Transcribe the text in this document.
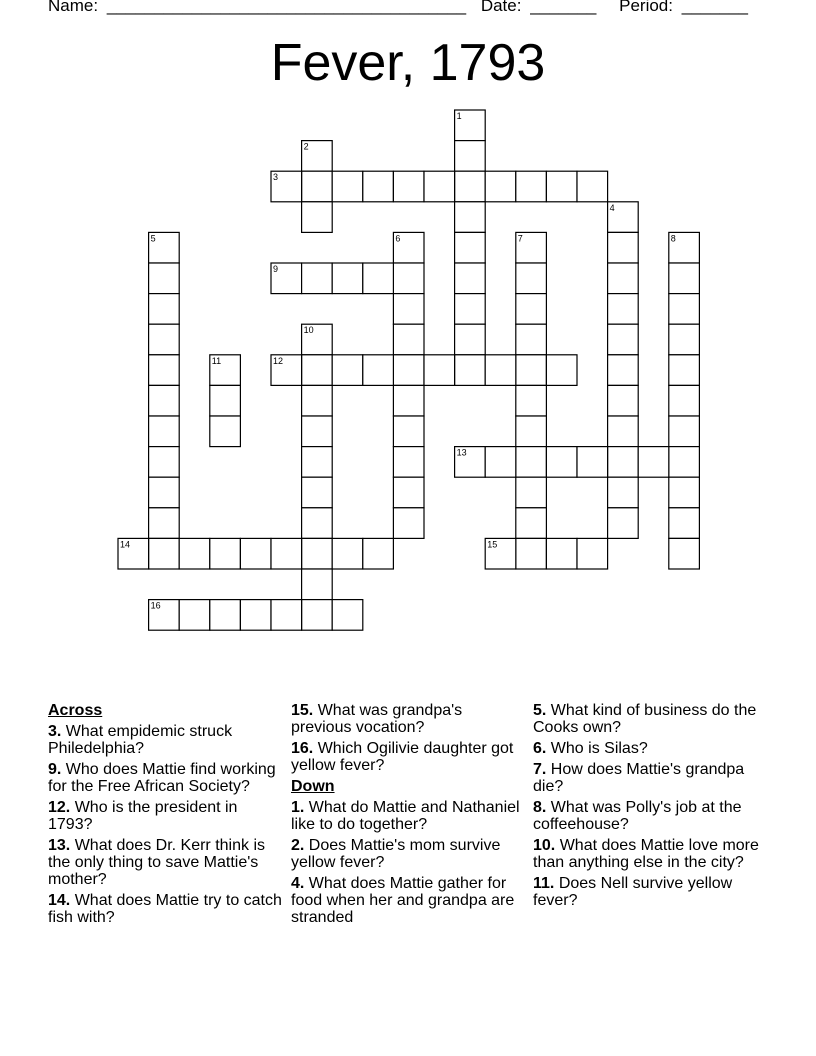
Name: ______________________________________ Date: _______ Period: _______
Fever, 1793
1
2
3
4
5	6	7	8
9
10
11	12
13
14	15
16
Across
3. What empidemic struck Philedelphia?
9. Who does Mattie find working for the Free African Society?
12. Who is the president in 1793?
13. What does Dr. Kerr think is the only thing to save Mattie's mother?
14. What does Mattie try to catch fish with?
15. What was grandpa's previous vocation?
16. Which Ogilivie daughter got yellow fever?
Down
1. What do Mattie and Nathaniel like to do together?
2. Does Mattie's mom survive yellow fever?
4. What does Mattie gather for food when her and grandpa are stranded
5. What kind of business do the Cooks own?
6. Who is Silas?
7. How does Mattie's grandpa die?
8. What was Polly's job at the coffeehouse?
10. What does Mattie love more than anything else in the city?
11. Does Nell survive yellow fever?
